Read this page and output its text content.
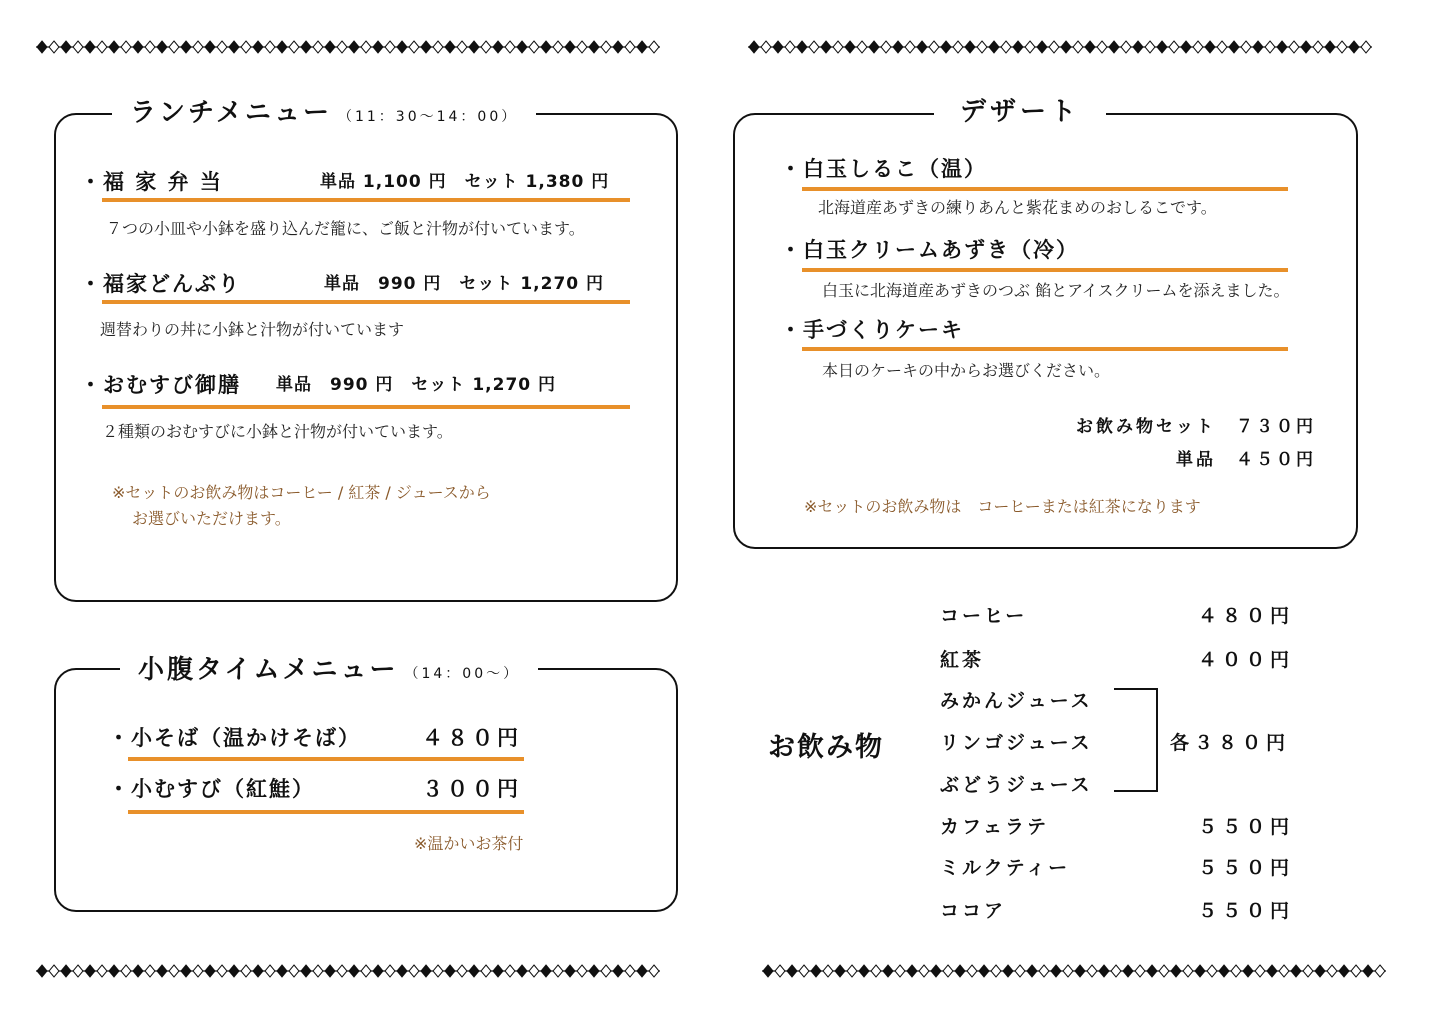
ランチメニュー （11：30～14：00）
・福 家 弁 当	単品 1,100 円　セット 1,380 円
７つの小皿や小鉢を盛り込んだ籠に、ご飯と汁物が付いています。
・福家どんぶり	単品　990 円　セット 1,270 円
週替わりの丼に小鉢と汁物が付いています
・おむすび御膳 単品　990 円　セット 1,270 円
２種類のおむすびに小鉢と汁物が付いています。
※セットのお飲み物はコーヒー / 紅茶 / ジュースから
お選びいただけます。
小腹タイムメニュー （14：00～）
・小そば（温かけそば）	４８０円
・小むすび（紅鮭）	３００円
※温かいお茶付
デザート
・白玉しるこ（温）
北海道産あずきの練りあんと紫花まめのおしるこです。
・白玉クリームあずき（冷）
白玉に北海道産あずきのつぶ 餡とアイスクリームを添えました。
・手づくりケーキ
本日のケーキの中からお選びください。
お飲み物セット　７３０円
単品　４５０円
※セットのお飲み物は　コーヒーまたは紅茶になります
お飲み物
コーヒー	４８０円
紅茶	４００円
みかんジュース
リンゴジュース
ぶどうジュース
各３８０円
カフェラテ	５５０円
ミルクティー	５５０円
ココア	５５０円
